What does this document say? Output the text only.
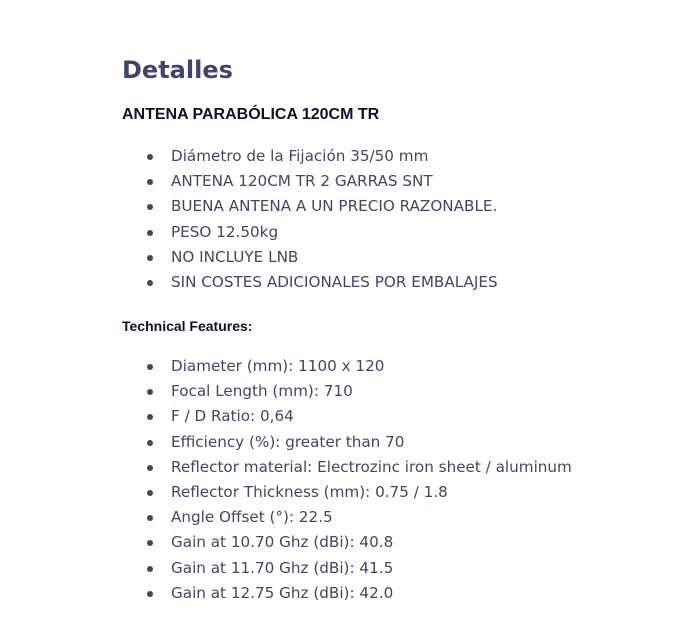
Detalles

ANTENA PARABÓLICA 120CM TR

Diámetro de la Fijación 35/50 mm
ANTENA 120CM TR 2 GARRAS SNT
BUENA ANTENA A UN PRECIO RAZONABLE.
PESO 12.50kg
NO INCLUYE LNB
SIN COSTES ADICIONALES POR EMBALAJES

Technical Features:

Diameter (mm): 1100 x 120
Focal Length (mm): 710
F / D Ratio: 0,64
Efficiency (%): greater than 70
Reflector material: Electrozinc iron sheet / aluminum
Reflector Thickness (mm): 0.75 / 1.8
Angle Offset (°): 22.5
Gain at 10.70 Ghz (dBi): 40.8
Gain at 11.70 Ghz (dBi): 41.5
Gain at 12.75 Ghz (dBi): 42.0
